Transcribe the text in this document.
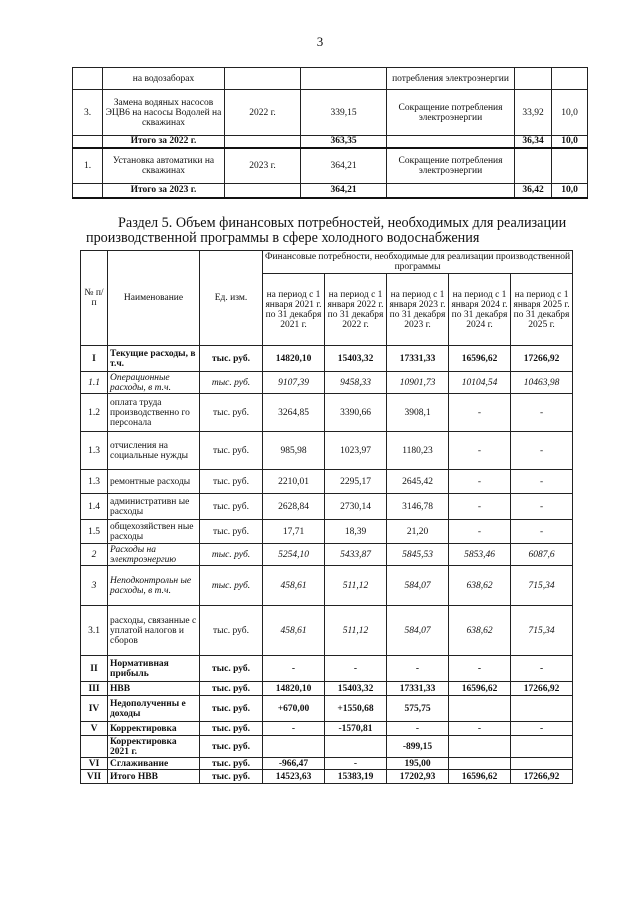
3
	на водозаборах			потребления электроэнергии		
3.	Замена водяных насосов ЭЦВ6 на насосы Водолей на скважинах	2022 г.	339,15	Сокращение потребления электроэнергии	33,92	10,0
	Итого за 2022 г.		363,35		36,34	10,0
1.	Установка автоматики на скважинах	2023 г.	364,21	Сокращение потребления электроэнергии		
	Итого за 2023 г.		364,21		36,42	10,0
Раздел 5. Объем финансовых потребностей, необходимых для реализации
производственной программы в сфере холодного водоснабжения
№ п/п	Наименование	Ед. изм.	Финансовые потребности, необходимые для реализации производственной программы				
			на период с 1 января 2021 г. по 31 декабря 2021 г.	на период с 1 января 2022 г. по 31 декабря 2022 г.	на период с 1 января 2023 г. по 31 декабря 2023 г.	на период с 1 января 2024 г. по 31 декабря 2024 г.	на период с 1 января 2025 г. по 31 декабря 2025 г.
I	Текущие расходы, в т.ч.	тыс. руб.	14820,10	15403,32	17331,33	16596,62	17266,92
1.1	Операционные расходы, в т.ч.	тыс. руб.	9107,39	9458,33	10901,73	10104,54	10463,98
1.2	оплата труда производственно го персонала	тыс. руб.	3264,85	3390,66	3908,1	-	-
1.3	отчисления на социальные нужды	тыс. руб.	985,98	1023,97	1180,23	-	-
1.3	ремонтные расходы	тыс. руб.	2210,01	2295,17	2645,42	-	-
1.4	административн ые расходы	тыс. руб.	2628,84	2730,14	3146,78	-	-
1.5	общехозяйствен ные расходы	тыс. руб.	17,71	18,39	21,20	-	-
2	Расходы на электроэнергию	тыс. руб.	5254,10	5433,87	5845,53	5853,46	6087,6
3	Неподконтрольн ые расходы, в т.ч.	тыс. руб.	458,61	511,12	584,07	638,62	715,34
3.1	расходы, связанные с уплатой налогов и сборов	тыс. руб.	458,61	511,12	584,07	638,62	715,34
II	Нормативная прибыль	тыс. руб.	-	-	-	-	-
III	НВВ	тыс. руб.	14820,10	15403,32	17331,33	16596,62	17266,92
IV	Недополученны е доходы	тыс. руб.	+670,00	+1550,68	575,75		
V	Корректировка	тыс. руб.	-	-1570,81	-	-	-
	Корректировка 2021 г.	тыс. руб.			-899,15		
VI	Сглаживание	тыс. руб.	-966,47	-	195,00		
VII	Итого НВВ	тыс. руб.	14523,63	15383,19	17202,93	16596,62	17266,92
